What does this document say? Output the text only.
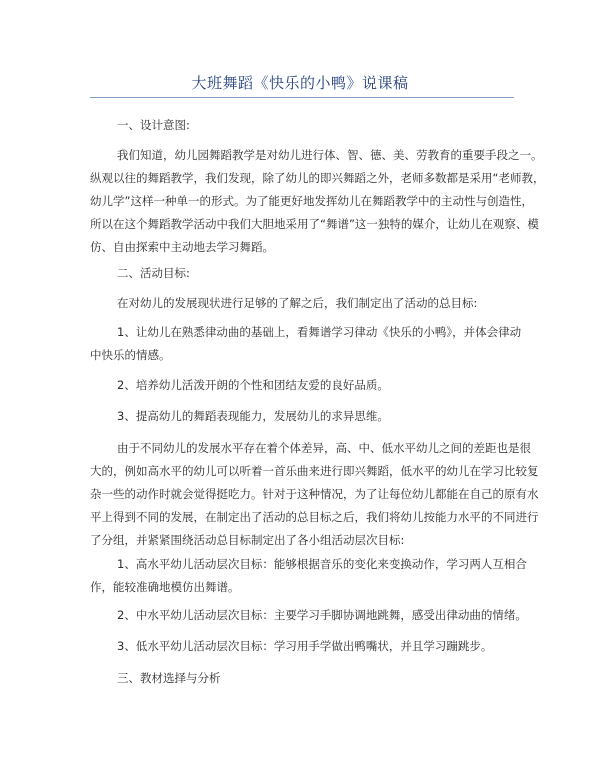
大班舞蹈《快乐的小鸭》说课稿
一、设计意图:
我们知道，幼儿园舞蹈教学是对幼儿进行体、智、德、美、劳教育的重要手段之一。
纵观以往的舞蹈教学，我们发现，除了幼儿的即兴舞蹈之外，老师多数都是采用“老师教，
幼儿学”这样一种单一的形式。为了能更好地发挥幼儿在舞蹈教学中的主动性与创造性，
所以在这个舞蹈教学活动中我们大胆地采用了“舞谱”这一独特的媒介，让幼儿在观察、模
仿、自由探索中主动地去学习舞蹈。
二、活动目标:
在对幼儿的发展现状进行足够的了解之后，我们制定出了活动的总目标:
1、让幼儿在熟悉律动曲的基础上，看舞谱学习律动《快乐的小鸭》，并体会律动
中快乐的情感。
2、培养幼儿活泼开朗的个性和团结友爱的良好品质。
3、提高幼儿的舞蹈表现能力，发展幼儿的求异思维。
由于不同幼儿的发展水平存在着个体差异，高、中、低水平幼儿之间的差距也是很
大的，例如高水平的幼儿可以听着一首乐曲来进行即兴舞蹈，低水平的幼儿在学习比较复
杂一些的动作时就会觉得挺吃力。针对于这种情况，为了让每位幼儿都能在自己的原有水
平上得到不同的发展，在制定出了活动的总目标之后，我们将幼儿按能力水平的不同进行
了分组，并紧紧围绕活动总目标制定出了各小组活动层次目标:
1、高水平幼儿活动层次目标：能够根据音乐的变化来变换动作，学习两人互相合
作，能较准确地模仿出舞谱。
2、中水平幼儿活动层次目标：主要学习手脚协调地跳舞，感受出律动曲的情绪。
3、低水平幼儿活动层次目标：学习用手学做出鸭嘴状，并且学习蹦跳步。
三、教材选择与分析
